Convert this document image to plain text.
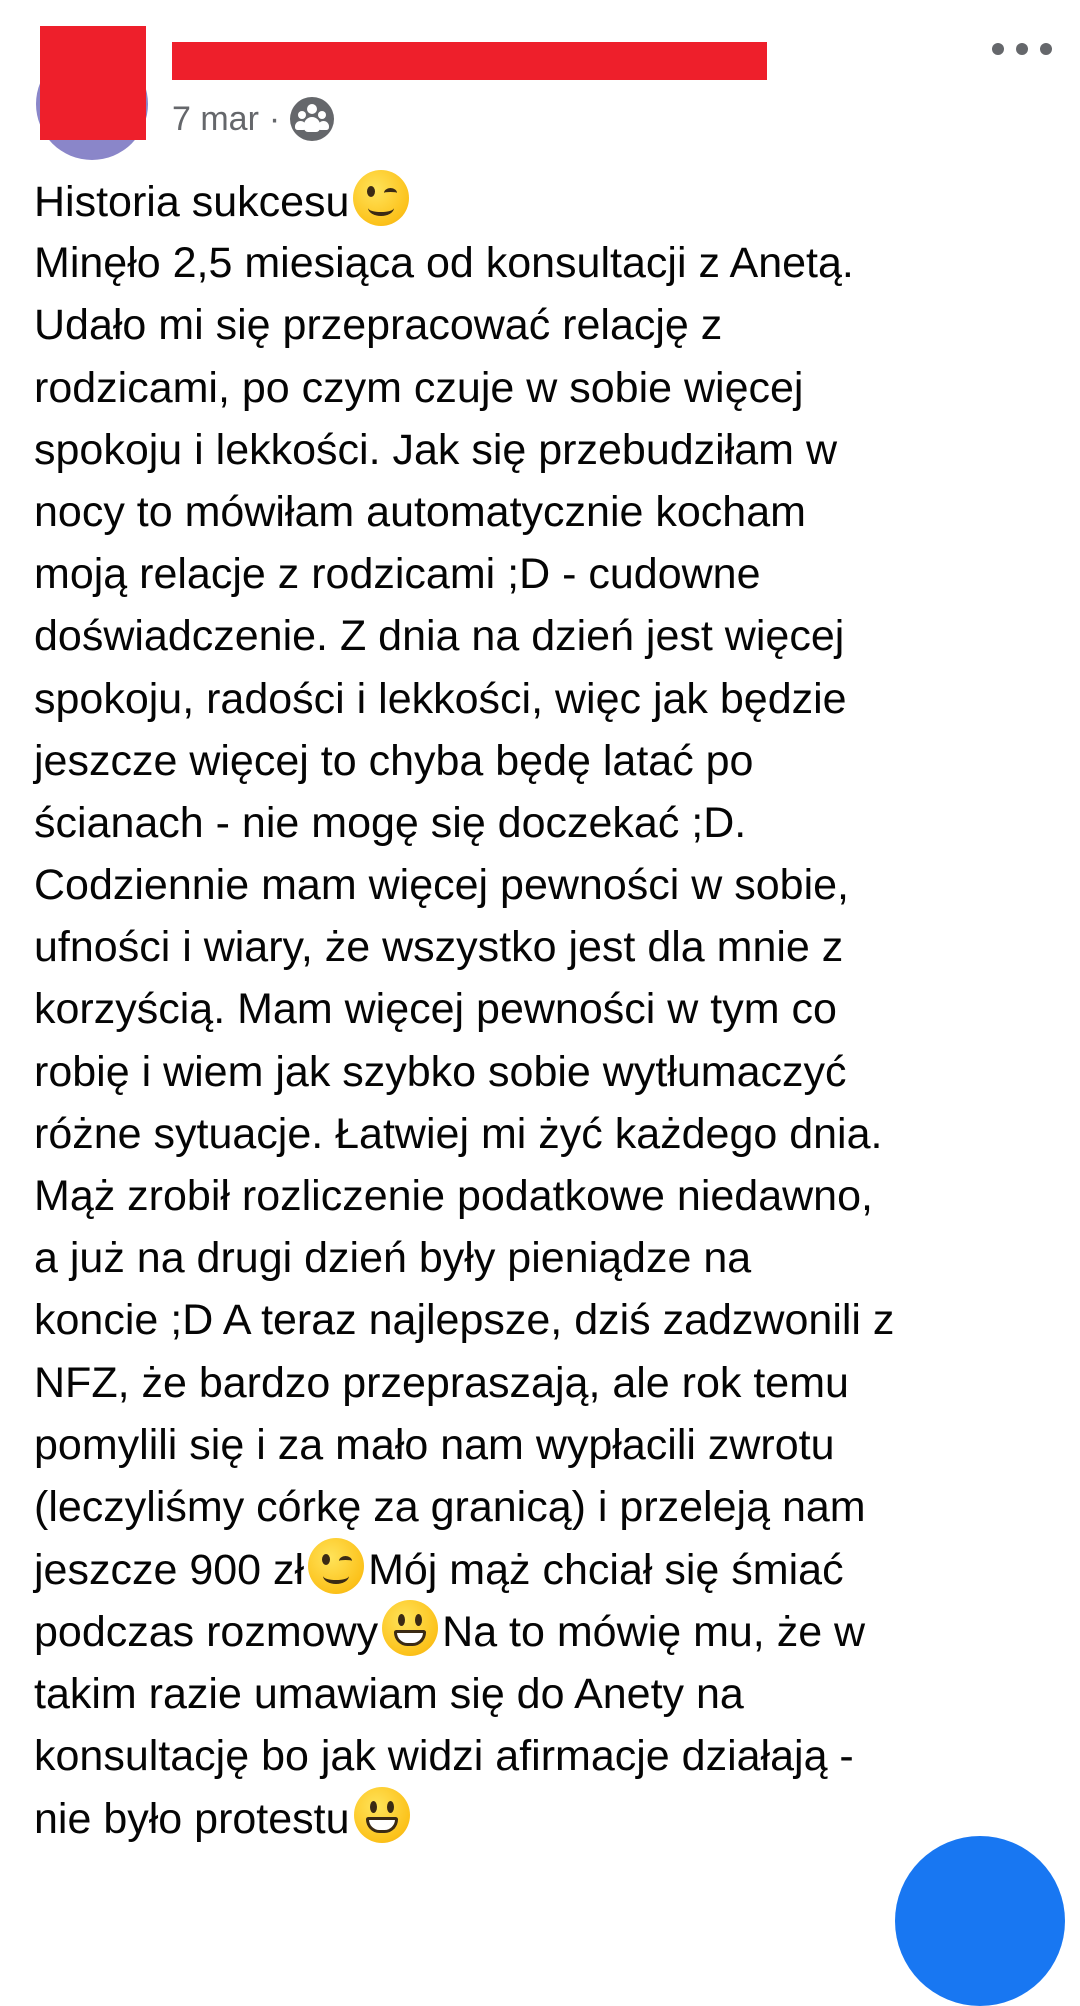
7 mar ·
Historia sukcesu
Minęło 2,5 miesiąca od konsultacji z Anetą.
Udało mi się przepracować relację z
rodzicami, po czym czuje w sobie więcej
spokoju i lekkości. Jak się przebudziłam w
nocy to mówiłam automatycznie kocham
moją relacje z rodzicami ;D - cudowne
doświadczenie. Z dnia na dzień jest więcej
spokoju, radości i lekkości, więc jak będzie
jeszcze więcej to chyba będę latać po
ścianach - nie mogę się doczekać ;D.
Codziennie mam więcej pewności w sobie,
ufności i wiary, że wszystko jest dla mnie z
korzyścią. Mam więcej pewności w tym co
robię i wiem jak szybko sobie wytłumaczyć
różne sytuacje. Łatwiej mi żyć każdego dnia.
Mąż zrobił rozliczenie podatkowe niedawno,
a już na drugi dzień były pieniądze na
koncie ;D A teraz najlepsze, dziś zadzwonili z
NFZ, że bardzo przepraszają, ale rok temu
pomylili się i za mało nam wypłacili zwrotu
(leczyliśmy córkę za granicą) i przeleją nam
jeszcze 900 zł Mój mąż chciał się śmiać
podczas rozmowy Na to mówię mu, że w
takim razie umawiam się do Anety na
konsultację bo jak widzi afirmacje działają -
nie było protestu
